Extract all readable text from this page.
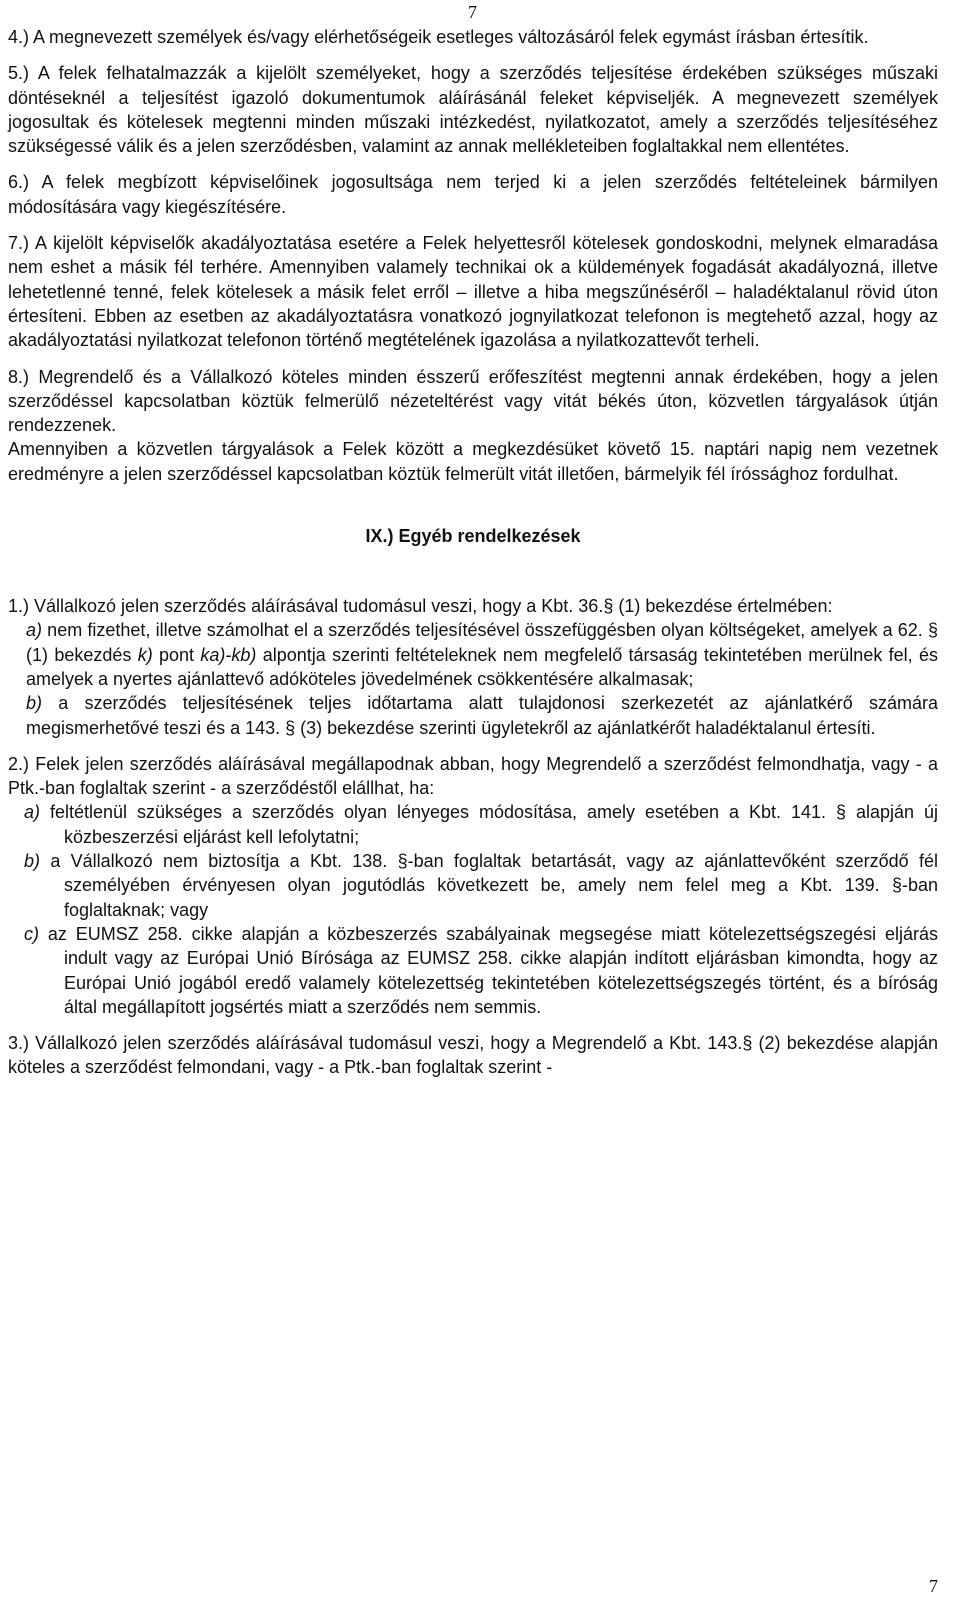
7

4.) A megnevezett személyek és/vagy elérhetőségeik esetleges változásáról felek egymást írásban értesítik.

5.) A felek felhatalmazzák a kijelölt személyeket, hogy a szerződés teljesítése érdekében szükséges műszaki döntéseknél a teljesítést igazoló dokumentumok aláírásánál feleket képviseljék. A megnevezett személyek jogosultak és kötelesek megtenni minden műszaki intézkedést, nyilatkozatot, amely a szerződés teljesítéséhez szükségessé válik és a jelen szerződésben, valamint az annak mellékleteiben foglaltakkal nem ellentétes.

6.) A felek megbízott képviselőinek jogosultsága nem terjed ki a jelen szerződés feltételeinek bármilyen módosítására vagy kiegészítésére.

7.) A kijelölt képviselők akadályoztatása esetére a Felek helyettesről kötelesek gondoskodni, melynek elmaradása nem eshet a másik fél terhére. Amennyiben valamely technikai ok a küldemények fogadását akadályozná, illetve lehetetlenné tenné, felek kötelesek a másik felet erről – illetve a hiba megszűnéséről – haladéktalanul rövid úton értesíteni. Ebben az esetben az akadályoztatásra vonatkozó jognyilatkozat telefonon is megtehető azzal, hogy az akadályoztatási nyilatkozat telefonon történő megtételének igazolása a nyilatkozattevőt terheli.

8.) Megrendelő és a Vállalkozó köteles minden ésszerű erőfeszítést megtenni annak érdekében, hogy a jelen szerződéssel kapcsolatban köztük felmerülő nézeteltérést vagy vitát békés úton, közvetlen tárgyalások útján rendezzenek.

Amennyiben a közvetlen tárgyalások a Felek között a megkezdésüket követő 15. naptári napig nem vezetnek eredményre a jelen szerződéssel kapcsolatban köztük felmerült vitát illetően, bármelyik fél íróssághoz fordulhat.

IX.) Egyéb rendelkezések

1.) Vállalkozó jelen szerződés aláírásával tudomásul veszi, hogy a Kbt. 36.§ (1) bekezdése értelmében:

a) nem fizethet, illetve számolhat el a szerződés teljesítésével összefüggésben olyan költségeket, amelyek a 62. § (1) bekezdés k) pont ka)-kb) alpontja szerinti feltételeknek nem megfelelő társaság tekintetében merülnek fel, és amelyek a nyertes ajánlattevő adóköteles jövedelmének csökkentésére alkalmasak;

b) a szerződés teljesítésének teljes időtartama alatt tulajdonosi szerkezetét az ajánlatkérő számára megismerhetővé teszi és a 143. § (3) bekezdése szerinti ügyletekről az ajánlatkérőt haladéktalanul értesíti.

2.) Felek jelen szerződés aláírásával megállapodnak abban, hogy Megrendelő a szerződést felmondhatja, vagy - a Ptk.-ban foglaltak szerint - a szerződéstől elállhat, ha:

a) feltétlenül szükséges a szerződés olyan lényeges módosítása, amely esetében a Kbt. 141. § alapján új közbeszerzési eljárást kell lefolytatni;

b) a Vállalkozó nem biztosítja a Kbt. 138. §-ban foglaltak betartását, vagy az ajánlattevőként szerződő fél személyében érvényesen olyan jogutódlás következett be, amely nem felel meg a Kbt. 139. §-ban foglaltaknak; vagy

c) az EUMSZ 258. cikke alapján a közbeszerzés szabályainak megsegése miatt kötelezettségszegési eljárás indult vagy az Európai Unió Bírósága az EUMSZ 258. cikke alapján indított eljárásban kimondta, hogy az Európai Unió jogából eredő valamely kötelezettség tekintetében kötelezettségszegés történt, és a bíróság által megállapított jogsértés miatt a szerződés nem semmis.

3.) Vállalkozó jelen szerződés aláírásával tudomásul veszi, hogy a Megrendelő a Kbt. 143.§ (2) bekezdése alapján köteles a szerződést felmondani, vagy - a Ptk.-ban foglaltak szerint -

7
